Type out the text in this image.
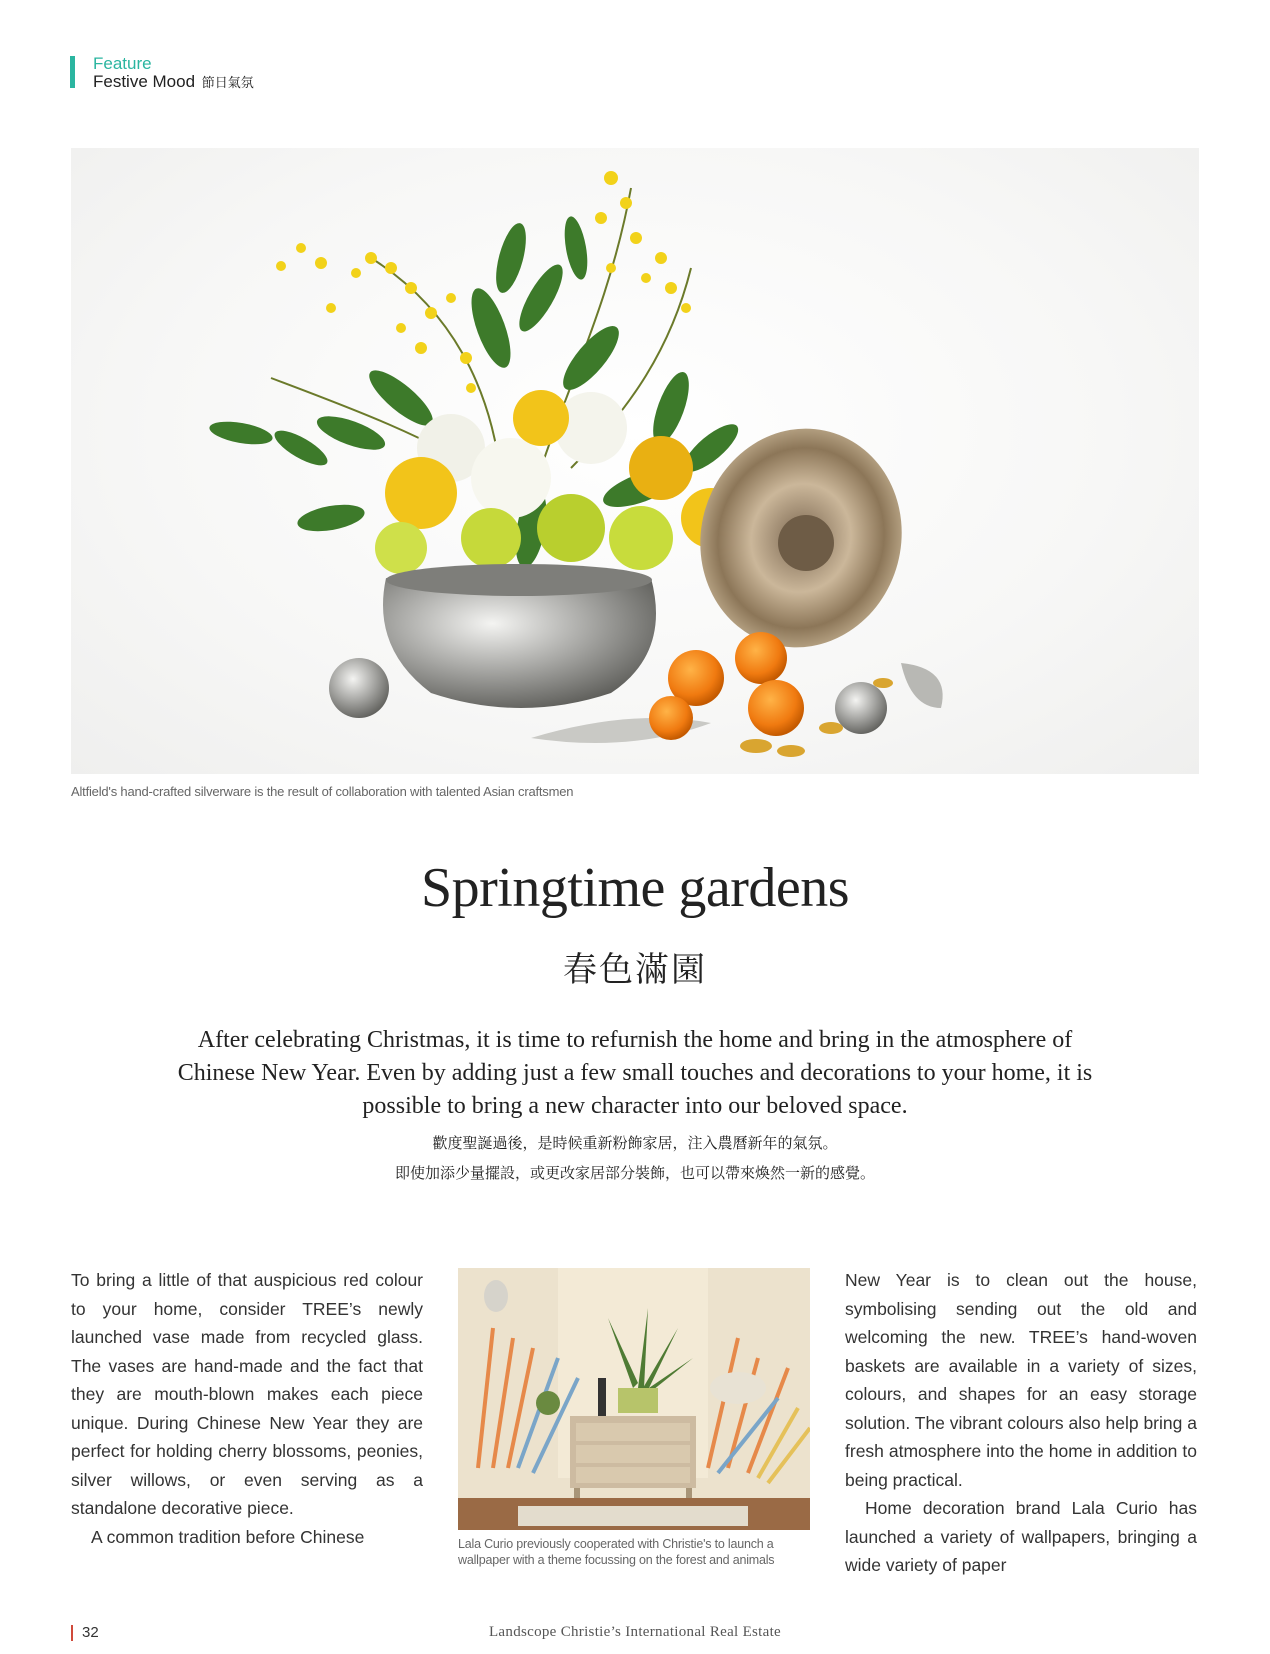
Feature
Festive Mood 節日氣氛
Altfield's hand-crafted silverware is the result of collaboration with talented Asian craftsmen
Springtime gardens
春色滿園
After celebrating Christmas, it is time to refurnish the home and bring in the atmosphere of Chinese New Year. Even by adding just a few small touches and decorations to your home, it is possible to bring a new character into our beloved space.
歡度聖誕過後，是時候重新粉飾家居，注入農曆新年的氣氛。
即使加添少量擺設，或更改家居部分裝飾，也可以帶來煥然一新的感覺。

To bring a little of that auspicious red colour to your home, consider TREE’s newly launched vase made from recycled glass. The vases are hand-made and the fact that they are mouth-blown makes each piece unique. During Chinese New Year they are perfect for holding cherry blossoms, peonies, silver willows, or even serving as a standalone decorative piece.

A common tradition before Chinese	Lala Curio previously cooperated with Christie's to launch a wallpaper with a theme focussing on the forest and animals

New Year is to clean out the house, symbolising sending out the old and welcoming the new. TREE’s hand-woven baskets are available in a variety of sizes, colours, and shapes for an easy storage solution. The vibrant colours also help bring a fresh atmosphere into the home in addition to being practical.

Home decoration brand Lala Curio has launched a variety of wallpapers, bringing a wide variety of paper

32	Landscope Christie’s International Real Estate
